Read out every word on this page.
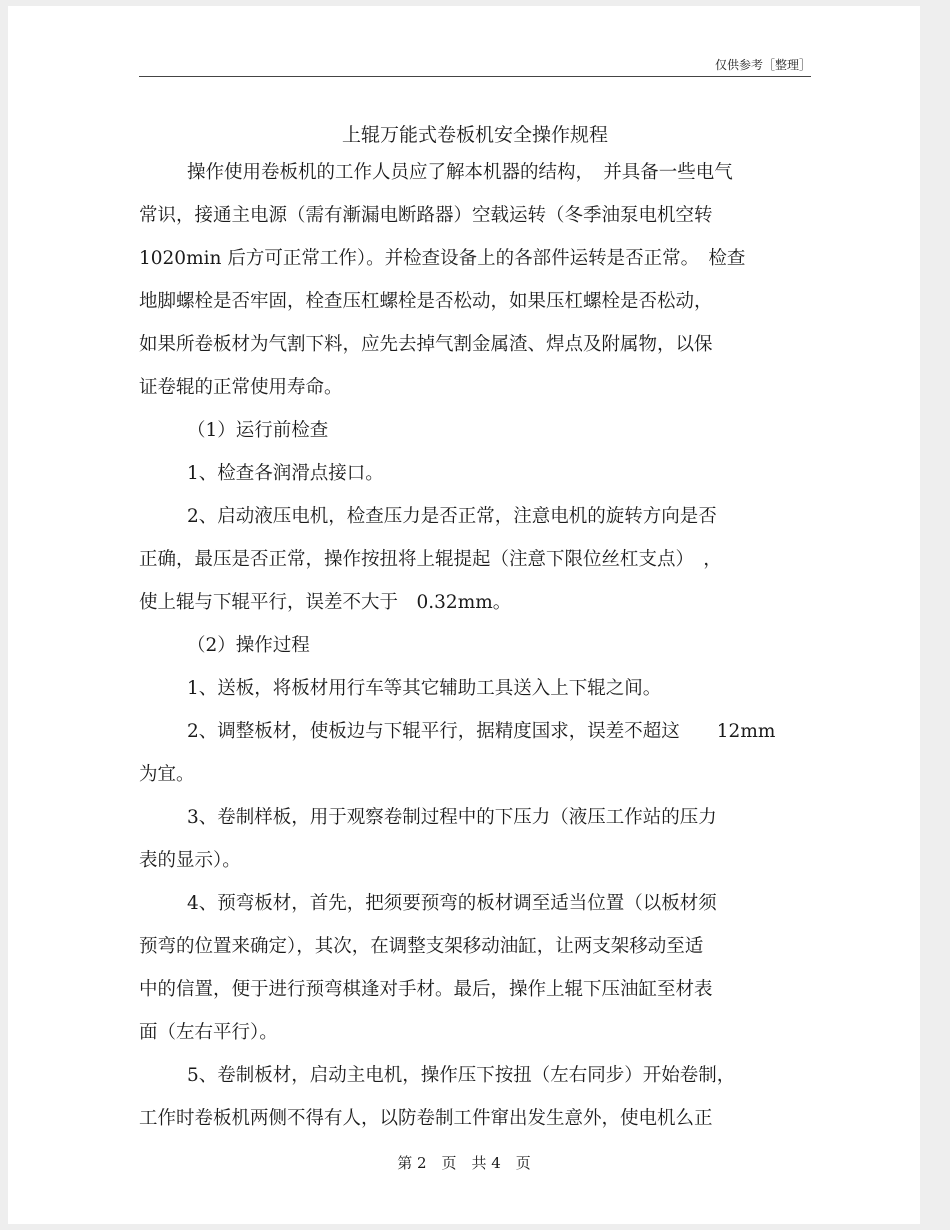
仅供参考［整理］
上辊万能式卷板机安全操作规程
操作使用卷板机的工作人员应了解本机器的结构，　并具备一些电气
常识，接通主电源（需有漸漏电断路器）空载运转（冬季油泵电机空转
1020min 后方可正常工作）。并检查设备上的各部件运转是否正常。　检查
地脚螺栓是否牢固，栓查压杠螺栓是否松动，如果压杠螺栓是否松动，
如果所卷板材为气割下料，应先去掉气割金属渣、焊点及附属物，以保
证卷辊的正常使用寿命。
（1）运行前检查
1、检查各润滑点接口。
2、启动液压电机，检查压力是否正常，注意电机的旋转方向是否
正确，最压是否正常，操作按扭将上辊提起（注意下限位丝杠支点）　，
使上辊与下辊平行，误差不大于　0.32mm。
（2）操作过程
1、送板，将板材用行车等其它辅助工具送入上下辊之间。
2、调整板材，使板边与下辊平行，据精度国求，误差不超这　　12mm
为宜。
3、卷制样板，用于观察卷制过程中的下压力（液压工作站的压力
表的显示）。
4、预弯板材，首先，把须要预弯的板材调至适当位置（以板材须
预弯的位置来确定），其次，在调整支架移动油缸，让两支架移动至适
中的信置，便于进行预弯棋逢对手材。最后，操作上辊下压油缸至材表
面（左右平行）。
5、卷制板材，启动主电机，操作压下按扭（左右同步）开始卷制，
工作时卷板机两侧不得有人，以防卷制工件窜出发生意外，使电机么正
第 2　页　共 4　页
